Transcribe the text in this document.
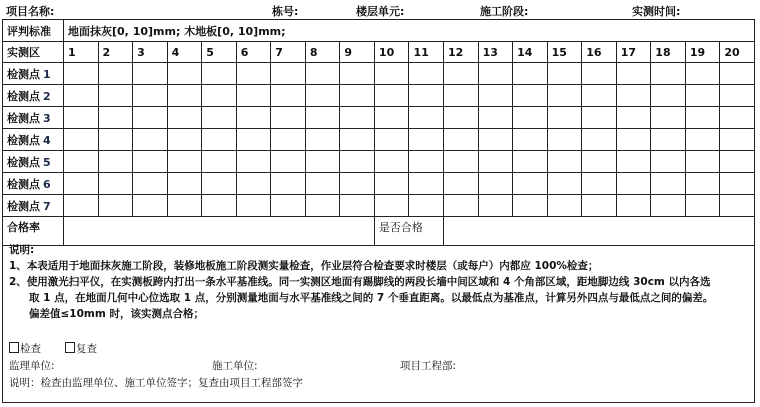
项目名称:	栋号:	楼层单元:	施工阶段:	实测时间:
评判标准	地面抹灰[0, 10]mm; 木地板[0, 10]mm;																			
实测区	1	2	3	4	5	6	7	8	9	10	11	12	13	14	15	16	17	18	19	20
检测点 1																				
检测点 2																				
检测点 3																				
检测点 4																				
检测点 5																				
检测点 6																				
检测点 7																				
合格率										是否合格										
说明:
1、本表适用于地面抹灰施工阶段，装修地板施工阶段测实量检查，作业层符合检查要求时楼层（或每户）内都应 100%检查；
2、使用激光扫平仪，在实测板跨内打出一条水平基准线。同一实测区地面有踢脚线的两段长墙中间区域和 4 个角部区域，距地脚边线 30cm 以内各选
取 1 点，在地面几何中心位选取 1 点，分别测量地面与水平基准线之间的 7 个垂直距离。以最低点为基准点，计算另外四点与最低点之间的偏差。
偏差值≤10mm 时，该实测点合格；
检查	复查
监理单位:	施工单位:	项目工程部:
说明：检查由监理单位、施工单位签字；复查由项目工程部签字
